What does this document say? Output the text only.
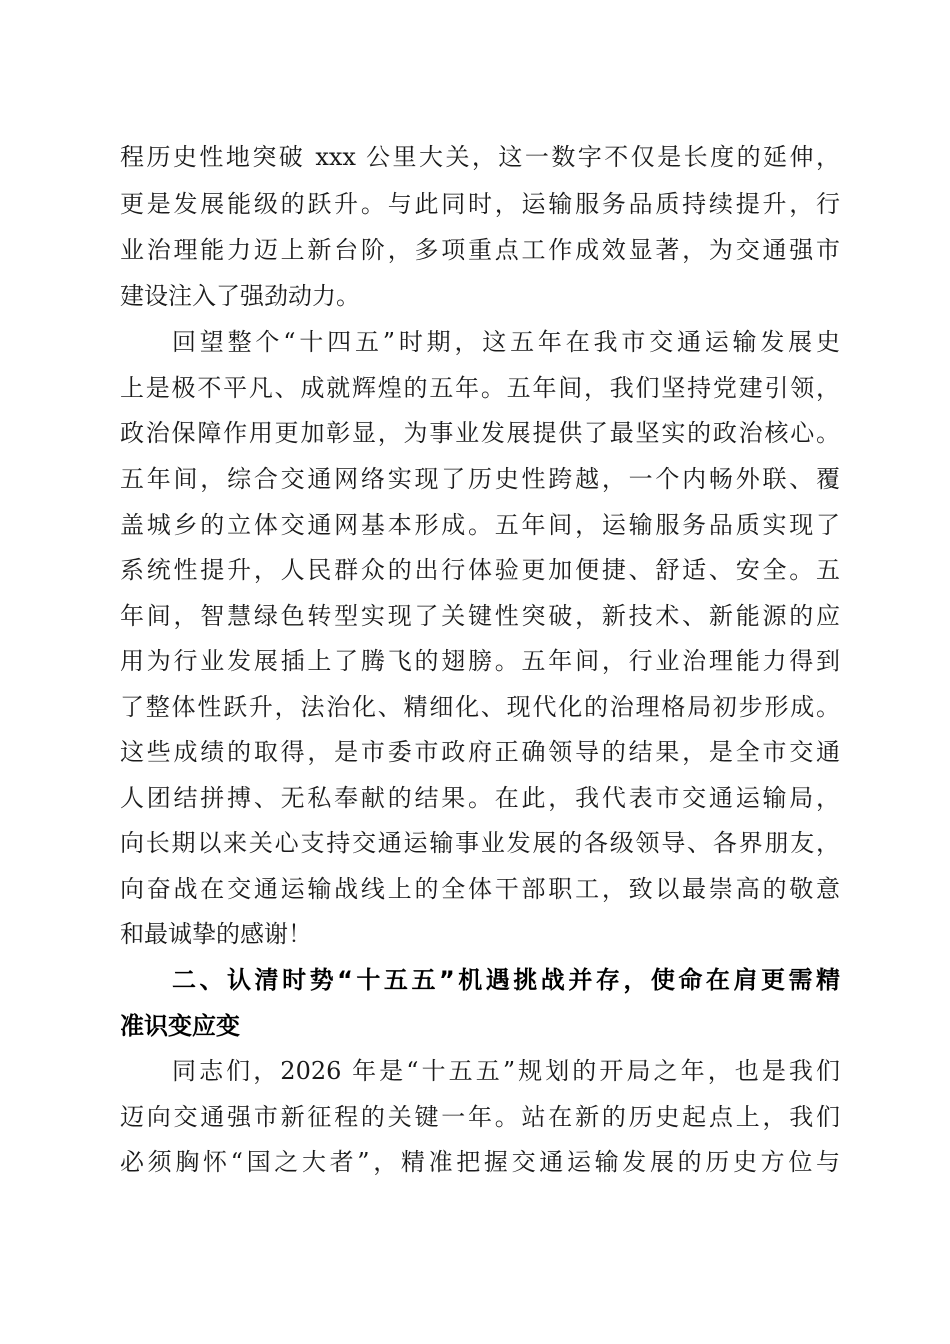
程历史性地突破 xxx 公里大关，这一数字不仅是长度的延伸，
更是发展能级的跃升。与此同时，运输服务品质持续提升，行
业治理能力迈上新台阶，多项重点工作成效显著，为交通强市
建设注入了强劲动力。
回望整个“十四五”时期，这五年在我市交通运输发展史
上是极不平凡、成就辉煌的五年。五年间，我们坚持党建引领，
政治保障作用更加彰显，为事业发展提供了最坚实的政治核心。
五年间，综合交通网络实现了历史性跨越，一个内畅外联、覆
盖城乡的立体交通网基本形成。五年间，运输服务品质实现了
系统性提升，人民群众的出行体验更加便捷、舒适、安全。五
年间，智慧绿色转型实现了关键性突破，新技术、新能源的应
用为行业发展插上了腾飞的翅膀。五年间，行业治理能力得到
了整体性跃升，法治化、精细化、现代化的治理格局初步形成。
这些成绩的取得，是市委市政府正确领导的结果，是全市交通
人团结拼搏、无私奉献的结果。在此，我代表市交通运输局，
向长期以来关心支持交通运输事业发展的各级领导、各界朋友，
向奋战在交通运输战线上的全体干部职工，致以最崇高的敬意
和最诚挚的感谢！
二、认清时势“十五五”机遇挑战并存，使命在肩更需精
准识变应变
同志们，2026 年是“十五五”规划的开局之年，也是我们
迈向交通强市新征程的关键一年。站在新的历史起点上，我们
必须胸怀“国之大者”，精准把握交通运输发展的历史方位与
